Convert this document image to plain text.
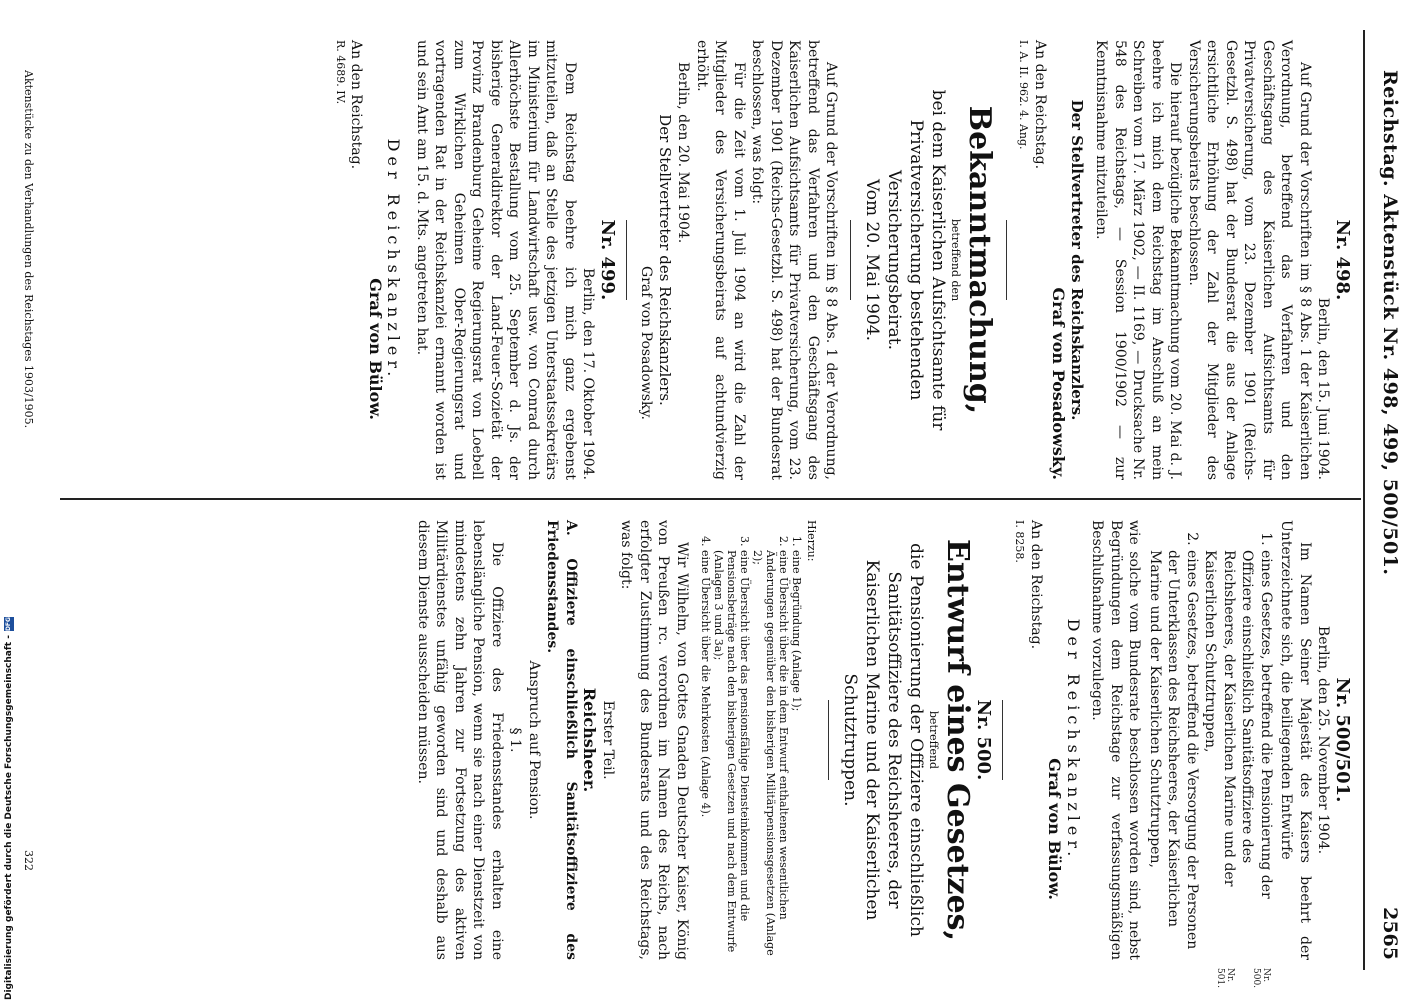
Reichstag. Aktenstück Nr. 498, 499, 500/501.
2565

Nr. 498.

Berlin, den 15. Juni 1904.

Auf Grund der Vorschriften im § 8 Abs. 1 der Kaiserlichen Verordnung, betreffend das Verfahren und den Geschäftsgang des Kaiserlichen Aufsichtsamts für Privatversicherung, vom 23. Dezember 1901 (Reichs-Gesetzbl. S. 498) hat der Bundesrat die aus der Anlage ersichtliche Erhöhung der Zahl der Mitglieder des Versicherungsbeirats beschlossen.

Die hierauf bezügliche Bekanntmachung vom 20. Mai d. J. beehre ich mich dem Reichstag im Anschluß an mein Schreiben vom 17. März 1902, — II. 1169, — Drucksache Nr. 548 des Reichstags, — Session 1900/1902 — zur Kenntnisnahme mitzuteilen.

Der Stellvertreter des Reichskanzlers.

Graf von Posadowsky.

An den Reichstag.

I. A. II. 962. 4. Ang.

Bekanntmachung,

betreffend den

bei dem Kaiserlichen Aufsichtsamte für Privatversicherung bestehenden Versicherungsbeirat.

Vom 20. Mai 1904.

Auf Grund der Vorschriften im § 8 Abs. 1 der Verordnung, betreffend das Verfahren und den Geschäftsgang des Kaiserlichen Aufsichtsamts für Privatversicherung, vom 23. Dezember 1901 (Reichs-Gesetzbl. S. 498) hat der Bundesrat beschlossen, was folgt:

Für die Zeit vom 1. Juli 1904 an wird die Zahl der Mitglieder des Versicherungsbeirats auf achtundvierzig erhöht.

Berlin, den 20. Mai 1904.

Der Stellvertreter des Reichskanzlers.

Graf von Posadowsky.

Nr. 499.

Berlin, den 17. Oktober 1904.

Dem Reichstag beehre ich mich ganz ergebenst mitzuteilen, daß an Stelle des jetzigen Unterstaatssekretärs im Ministerium für Landwirtschaft usw. von Conrad durch Allerhöchste Bestallung vom 25. September d. Js. der bisherige Generaldirektor der Land-Feuer-Sozietät der Provinz Brandenburg Geheime Regierungsrat von Loebell zum Wirklichen Geheimen Ober-Regierungsrat und vortragenden Rat in der Reichskanzlei ernannt worden ist und sein Amt am 15. d. Mts. angetreten hat.

Der Reichskanzler.

Graf von Bülow.

An den Reichstag.

R. 4689. IV.

Nr. 500/501.

Berlin, den 25. November 1904.

Im Namen Seiner Majestät des Kaisers beehrt der Unterzeichnete sich, die beiliegenden Entwürfe

1. eines Gesetzes, betreffend die Pensionierung der Offiziere einschließlich Sanitätsoffiziere des Reichsheeres, der Kaiserlichen Marine und der Kaiserlichen Schutztruppen,
2. eines Gesetzes, betreffend die Versorgung der Personen der Unterklassen des Reichsheeres, der Kaiserlichen Marine und der Kaiserlichen Schutztruppen,

wie solche vom Bundesrate beschlossen worden sind, nebst Begründungen dem Reichstage zur verfassungsmäßigen Beschlußnahme vorzulegen.

Der Reichskanzler.

Graf von Bülow.

An den Reichstag.

I. 8258.

Nr. 500.

Entwurf eines Gesetzes,

betreffend

die Pensionierung der Offiziere einschließlich Sanitätsoffiziere des Reichsheeres, der Kaiserlichen Marine und der Kaiserlichen Schutztruppen.

Hierzu:

1. eine Begründung (Anlage 1);
2. eine Übersicht über die in dem Entwurf enthaltenen wesentlichen Änderungen gegenüber den bisherigen Militärpensionsgesetzen (Anlage 2);
3. eine Übersicht über das pensionsfähige Diensteinkommen und die Pensionsbeträge nach den bisherigen Gesetzen und nach dem Entwurfe (Anlagen 3 und 3a);
4. eine Übersicht über die Mehrkosten (Anlage 4).

Wir Wilhelm, von Gottes Gnaden Deutscher Kaiser, König von Preußen rc. verordnen im Namen des Reichs, nach erfolgter Zustimmung des Bundesrats und des Reichstags, was folgt:

Erster Teil.

Reichsheer.

A. Offiziere einschließlich Sanitätsoffiziere des Friedensstandes.

Anspruch auf Pension.

§ 1.

Die Offiziere des Friedensstandes erhalten eine lebenslängliche Pension, wenn sie nach einer Dienstzeit von mindestens zehn Jahren zur Fortsetzung des aktiven Militärdienstes unfähig geworden sind und deshalb aus diesem Dienste ausscheiden müssen.

Nr. 500.
Nr. 501.
Aktenstücke zu den Verhandlungen des Reichstages 1903/1905.
322
Digitalisierung gefördert durch die Deutsche Forschungsgemeinschaft -
DFG
